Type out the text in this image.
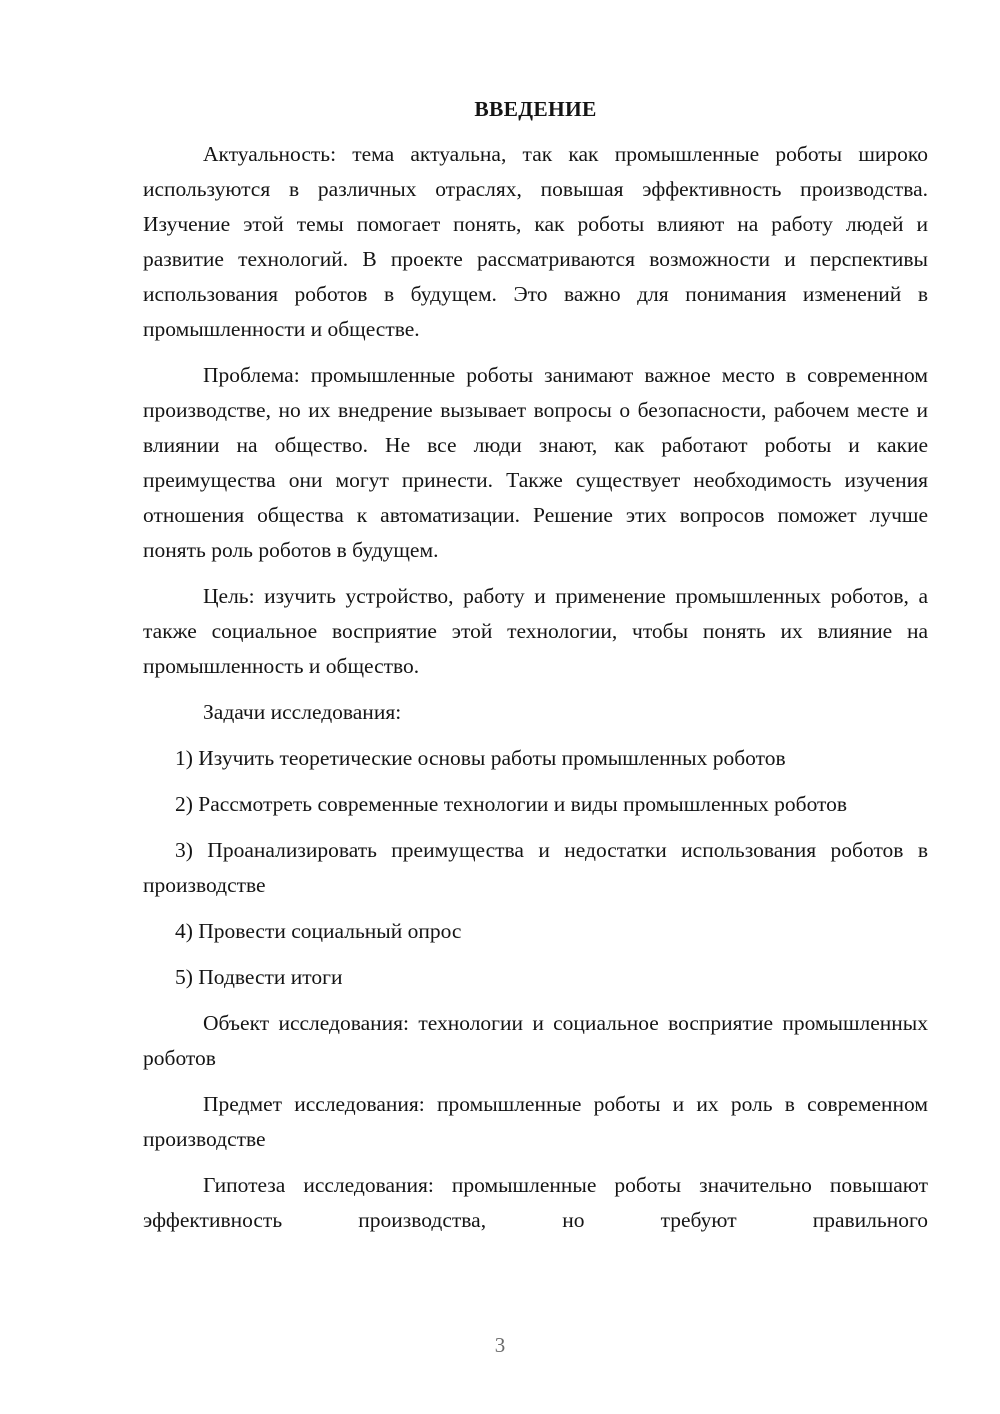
ВВЕДЕНИЕ

Актуальность: тема актуальна, так как промышленные роботы широко используются в различных отраслях, повышая эффективность производства. Изучение этой темы помогает понять, как роботы влияют на работу людей и развитие технологий. В проекте рассматриваются возможности и перспективы использования роботов в будущем. Это важно для понимания изменений в промышленности и обществе.

Проблема: промышленные роботы занимают важное место в современном производстве, но их внедрение вызывает вопросы о безопасности, рабочем месте и влиянии на общество. Не все люди знают, как работают роботы и какие преимущества они могут принести. Также существует необходимость изучения отношения общества к автоматизации. Решение этих вопросов поможет лучше понять роль роботов в будущем.

Цель: изучить устройство, работу и применение промышленных роботов, а также социальное восприятие этой технологии, чтобы понять их влияние на промышленность и общество.

Задачи исследования:

1) Изучить теоретические основы работы промышленных роботов

2) Рассмотреть современные технологии и виды промышленных роботов

3) Проанализировать преимущества и недостатки использования роботов в производстве

4) Провести социальный опрос

5) Подвести итоги

Объект исследования: технологии и социальное восприятие промышленных роботов

Предмет исследования: промышленные роботы и их роль в современном производстве

Гипотеза исследования: промышленные роботы значительно повышают эффективность производства, но требуют правильного

3
